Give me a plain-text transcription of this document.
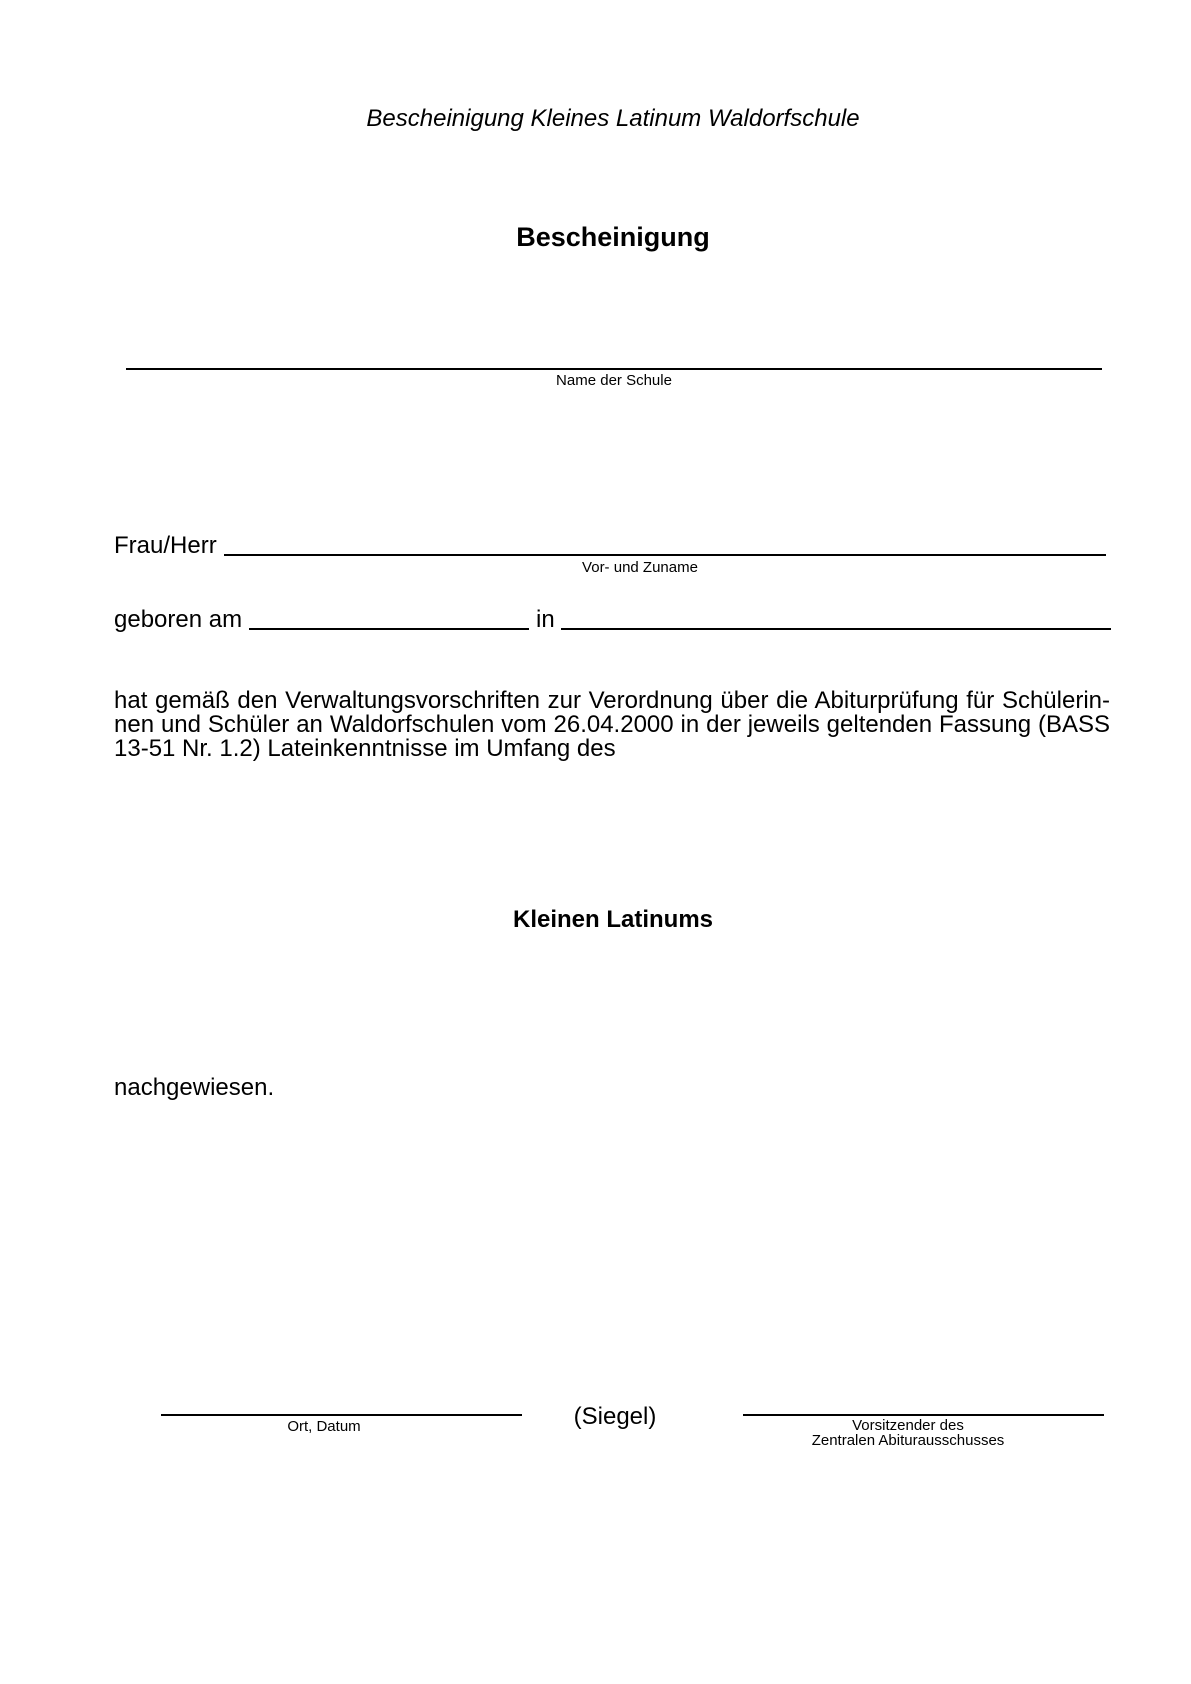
Bescheinigung Kleines Latinum Waldorfschule
Bescheinigung
Name der Schule
Frau/Herr
Vor- und Zuname
geboren am	in
hat gemäß den Verwaltungsvorschriften zur Verordnung über die Abiturprüfung für Schülerin- nen und Schüler an Waldorfschulen vom 26.04.2000 in der jeweils geltenden Fassung (BASS 13-51 Nr. 1.2) Lateinkenntnisse im Umfang des
Kleinen Latinums
nachgewiesen.
Ort, Datum	(Siegel)	Vorsitzender des
Zentralen Abiturausschusses
